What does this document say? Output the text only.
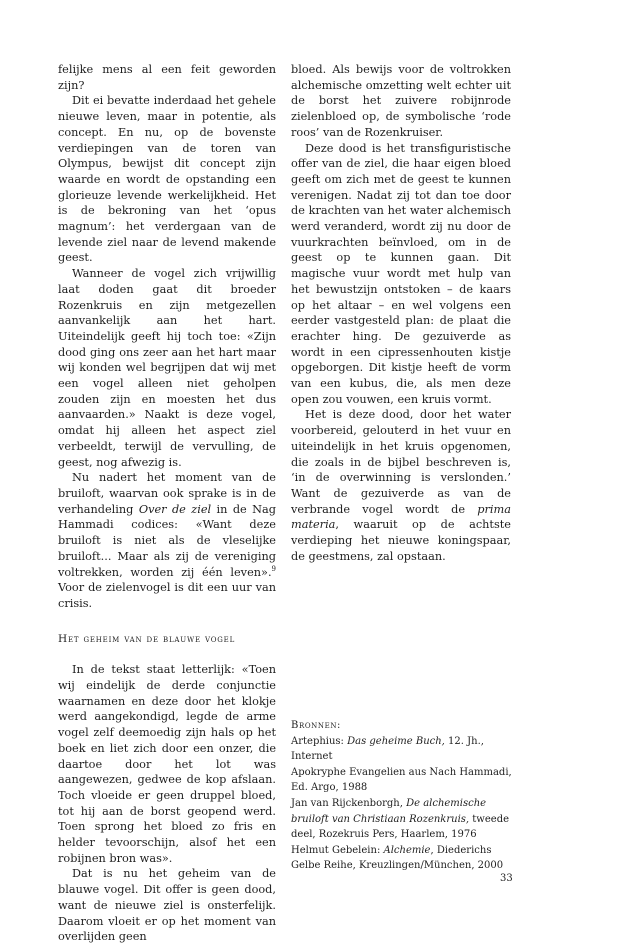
felijke mens al een feit geworden zijn?

Dit ei bevatte inderdaad het gehele nieuwe leven, maar in potentie, als concept. En nu, op de bovenste verdiepingen van de toren van Olympus, bewijst dit concept zijn waarde en wordt de opstanding een glorieuze levende werkelijkheid. Het is de bekroning van het ‘opus magnum’: het verdergaan van de levende ziel naar de levend makende geest.

Wanneer de vogel zich vrijwillig laat doden gaat dit broeder Rozenkruis en zijn metgezellen aanvankelijk aan het hart. Uiteindelijk geeft hij toch toe: «Zijn dood ging ons zeer aan het hart maar wij konden wel begrijpen dat wij met een vogel alleen niet geholpen zouden zijn en moesten het dus aanvaarden.» Naakt is deze vogel, omdat hij alleen het aspect ziel verbeeldt, terwijl de vervulling, de geest, nog afwezig is.

Nu nadert het moment van de bruiloft, waarvan ook sprake is in de verhandeling Over de ziel in de Nag Hammadi codices: «Want deze bruiloft is niet als de vleselijke bruiloft... Maar als zij de vereniging voltrekken, worden zij één leven».$^9$ Voor de zielenvogel is dit een uur van crisis.

Het geheim van de blauwe vogel

In de tekst staat letterlijk: «Toen wij eindelijk de derde conjunctie waarnamen en deze door het klokje werd aangekondigd, legde de arme vogel zelf deemoedig zijn hals op het boek en liet zich door een onzer, die daartoe door het lot was aangewezen, gedwee de kop afslaan. Toch vloeide er geen druppel bloed, tot hij aan de borst geopend werd. Toen sprong het bloed zo fris en helder tevoorschijn, alsof het een robijnen bron was».

Dat is nu het geheim van de blauwe vogel. Dit offer is geen dood, want de nieuwe ziel is onsterfelijk. Daarom vloeit er op het moment van overlijden geen

bloed. Als bewijs voor de voltrokken alchemische omzetting welt echter uit de borst het zuivere robijnrode zielenbloed op, de symbolische ‘rode roos’ van de Rozenkruiser.

Deze dood is het transfiguristische offer van de ziel, die haar eigen bloed geeft om zich met de geest te kunnen verenigen. Nadat zij tot dan toe door de krachten van het water alchemisch werd veranderd, wordt zij nu door de vuurkrachten beïnvloed, om in de geest op te kunnen gaan. Dit magische vuur wordt met hulp van het bewustzijn ontstoken – de kaars op het altaar – en wel volgens een eerder vastgesteld plan: de plaat die erachter hing. De gezuiverde as wordt in een cipressenhouten kistje opgeborgen. Dit kistje heeft de vorm van een kubus, die, als men deze open zou vouwen, een kruis vormt.

Het is deze dood, door het water voorbereid, gelouterd in het vuur en uiteindelijk in het kruis opgenomen, die zoals in de bijbel beschreven is, ‘in de overwinning is verslonden.’ Want de gezuiverde as van de verbrande vogel wordt de prima materia, waaruit op de achtste verdieping het nieuwe koningspaar, de geestmens, zal opstaan.

Bronnen:
Artephius: Das geheime Buch, 12. Jh., Internet
Apokryphe Evangelien aus Nach Hammadi, Ed. Argo, 1988
Jan van Rijckenborgh, De alchemische bruiloft van Christiaan Rozenkruis, tweede deel, Rozekruis Pers, Haarlem, 1976
Helmut Gebelein: Alchemie, Diederichs Gelbe Reihe, Kreuzlingen/München, 2000
33
